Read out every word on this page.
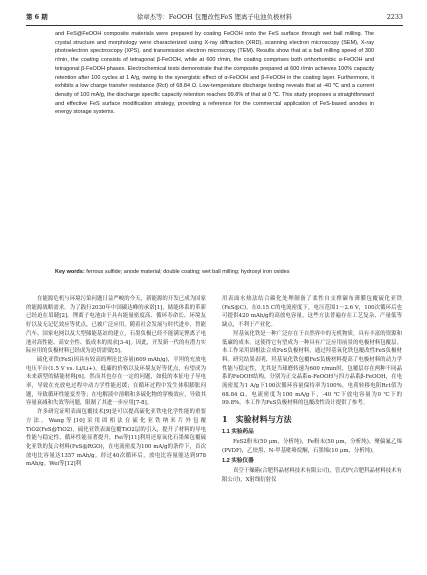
第 6 期	徐章杰等：FeOOH 包覆改性FeS 锂离子电池负极材料	2233

and FeS@FeOOH composite materials were prepared by coating FeOOH onto the FeS surface through wet ball milling. The crystal structure and morphology were characterized using X-ray diffraction (XRD), scanning electron microscopy (SEM), X-ray photoelectron spectroscopy (XPS), and transmission electron microscopy (TEM). Results show that at a ball milling speed of 300 r/min, the coating consists of tetragonal β-FeOOH, while at 600 r/min, the coating comprises both orthorhombic α-FeOOH and tetragonal β-FeOOH phases. Electrochemical tests demonstrate that the composite prepared at 600 r/min achieves 100% capacity retention after 100 cycles at 1 A/g, owing to the synergistic effect of α-FeOOH and β-FeOOH in the coating layer. Furthermore, it exhibits a low charge transfer resistance (Rct) of 68.84 Ω. Low-temperature discharge testing reveals that at -40 ℃ and a current density of 100 mA/g, the discharge specific capacity retention reaches 99.8% of that at 0 ℃. This study proposes a straightforward and effective FeS surface modification strategy, providing a reference for the commercial application of FeS-based anodes in energy storage systems.

Key words: ferrous sulfide; anode material; double coating; wet ball milling; hydroxyl iron oxides

在能源危机与环境污染问题日益严峻的今天，新能源的开发已成为国家的能源战略需求。为了践行2030年中国碳达峰的承诺[1]，储能体系的革新已经迫在眉睫[2]。锂离子电池由于具有能量密度高、循环寿命长、环境友好以及无记忆效应等优点，已被广泛应用，随着社会发展与时代进步，智能汽车、国家电网以及大型储能基站的建立，石墨负极已经不能满足锂离子电池对高性能、高安全性、低成本的需求[3-4]。因此，开发新一代的有潜力实际应用的负极材料已经成为迫切需要[5]。

硫化亚铁(FeS)因具有较高的理论比容量(609 mAh/g)，平坦的充放电电压平台(1.5 V vs. Li/Li+)，低廉的价格以及环境友好等优点，有望成为未来新型的储能材料[6]。然而其也存在一定的问题，如低的本征电子导电率，导致在充放电过程中动力学性能迟缓；在循环过程中发生体积膨胀问题，导致循环性能变差等；在电解液中溶解和多硫化物的穿梭效应，导致其容量衰减和失效等问题，限制了其进一步应用[7-8]。

许多研究证明表面包覆技术[9]是可以提高硫化亚铁电化学性能的重要方法。Wang等[10]采用固相法在硫化亚铁纳米片外包覆TiO2(FeS@TiO2)，硫化亚铁表面包覆TiO2层的引入，提升了材料的导电性能与稳定性，循环性能显著提升，Fei等[11]利用还原氧化石墨烯包覆硫化亚铁的复合材料(FeS@RGO)，在电流密度为100 mA/g的条件下，首次放电比容量达1357 mAh/g，经过40次循环后，放电比容量能达到978 mAh/g。Wei等[12]利

用表面水热法结合碳化处理制备了柔性自支撑碳布薄膜包覆硫化亚铁(FeS@C)，在0.15 C的电流密度下，电压范围1～2.6 V，100次循环后也可提供420 mAh/g的高放电容量，这些方法普遍存在工艺复杂、产量低等缺点，不利于产业化。

羟基氧化铁是一种广泛存在于自然界中的无机物质，具有丰富的资源和低廉的成本。这使得它有望成为一种具有广泛应用前景的电极材料包覆层。本工作采用固相法合成FeS负极材料，通过羟基氧化铁包覆改性FeS负极材料。研究结果表明，羟基氧化铁包覆FeS负极材料提高了电极材料的动力学性能与稳定性，尤其是当球磨转速为600 r/min时，包覆层存在两种不同晶系的FeOOH结构，分别为正交晶系α-FeOOH与四方晶系β-FeOOH，在电流密度为1 A/g下100次循环容量保持率为100%，电荷转移电阻Rct值为68.84 Ω。电流密度为100 mA/g下，-40 ℃下放电容量为0 ℃下的99.8%。本工作为FeS负极材料的包覆改性设计提供了参考。

1 实验材料与方法
1.1 实验药品

FeS2粉末(50 μm，分析纯)，Fe粉末(50 μm，分析纯)，聚偏氟乙烯(PVDF)，乙炔黑，N-甲基吡咯烷酮，石墨烯(10 μm，分析纯)。

1.2 实验仪器

真空干燥箱(合肥科晶材料技术有限公司)，管式炉(合肥科晶材料技术有限公司)，X射线衍射仪
